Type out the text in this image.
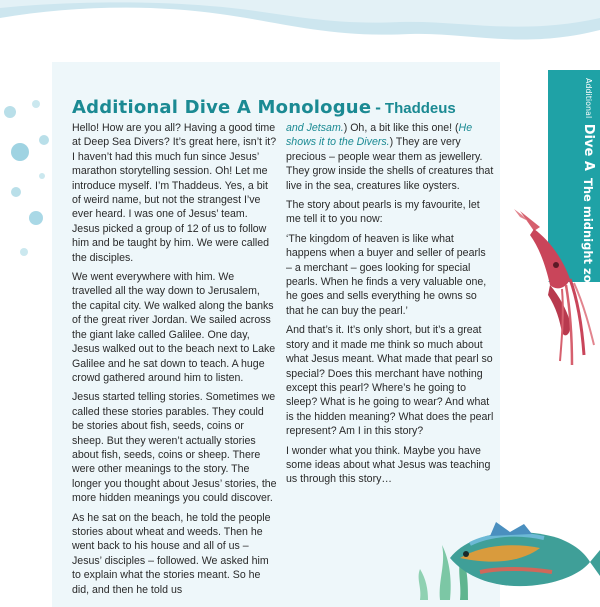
Additional Dive A Monologue - Thaddeus

Hello! How are you all? Having a good time at Deep Sea Divers? It’s great here, isn’t it? I haven’t had this much fun since Jesus’ marathon storytelling session. Oh! Let me introduce myself. I’m Thaddeus. Yes, a bit of weird name, but not the strangest I’ve ever heard. I was one of Jesus’ team. Jesus picked a group of 12 of us to follow him and be taught by him. We were called the disciples.

We went everywhere with him. We travelled all the way down to Jerusalem, the capital city. We walked along the banks of the great river Jordan. We sailed across the giant lake called Galilee. One day, Jesus walked out to the beach next to Lake Galilee and he sat down to teach. A huge crowd gathered around him to listen.

Jesus started telling stories. Sometimes we called these stories parables. They could be stories about fish, seeds, coins or sheep. But they weren’t actually stories about fish, seeds, coins or sheep. There were other meanings to the story. The longer you thought about Jesus’ stories, the more hidden meanings you could discover.

As he sat on the beach, he told the people stories about wheat and weeds. Then he went back to his house and all of us – Jesus’ disciples – followed. We asked him to explain what the stories meant. So he did, and then he told us

and Jetsam.) Oh, a bit like this one! (He shows it to the Divers.) They are very precious – people wear them as jewellery. They grow inside the shells of creatures that live in the sea, creatures like oysters.

The story about pearls is my favourite, let me tell it to you now:

‘The kingdom of heaven is like what happens when a buyer and seller of pearls – a merchant – goes looking for special pearls. When he finds a very valuable one, he goes and sells everything he owns so that he can buy the pearl.’

And that’s it. It’s only short, but it’s a great story and it made me think so much about what Jesus meant. What made that pearl so special? Does this merchant have nothing except this pearl? Where’s he going to sleep? What is he going to wear? And what is the hidden meaning? What does the pearl represent? Am I in this story?

I wonder what you think. Maybe you have some ideas about what Jesus was teaching us through this story…

Additional Dive A The midnight zone
